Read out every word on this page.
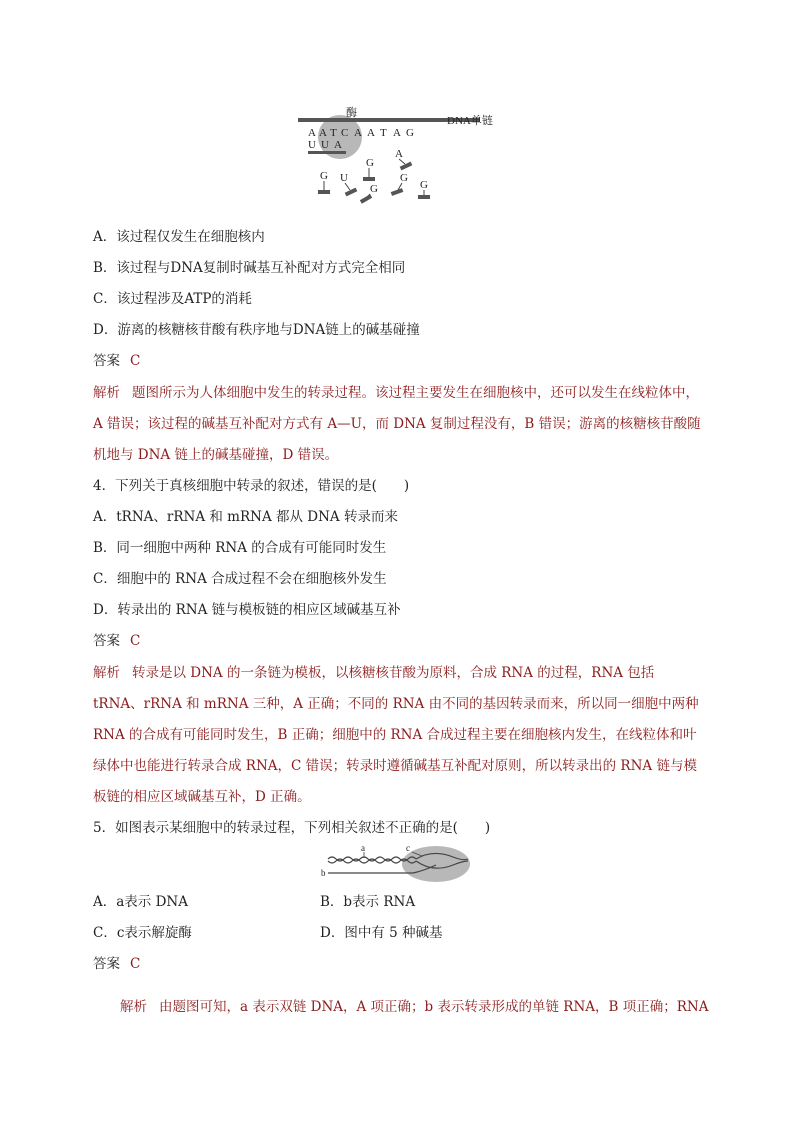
酶
DNA单链
A A T C A A T A G
U U A
G
U
G
A
G
G
G
A．该过程仅发生在细胞核内
B．该过程与DNA复制时碱基互补配对方式完全相同
C．该过程涉及ATP的消耗
D．游离的核糖核苷酸有秩序地与DNA链上的碱基碰撞
答案 C
解析 题图所示为人体细胞中发生的转录过程。该过程主要发生在细胞核中，还可以发生在线粒体中，A 错误；该过程的碱基互补配对方式有 A—U，而 DNA 复制过程没有，B 错误；游离的核糖核苷酸随机地与 DNA 链上的碱基碰撞，D 错误。
4．下列关于真核细胞中转录的叙述，错误的是(　　)
A．tRNA、rRNA 和 mRNA 都从 DNA 转录而来
B．同一细胞中两种 RNA 的合成有可能同时发生
C．细胞中的 RNA 合成过程不会在细胞核外发生
D．转录出的 RNA 链与模板链的相应区域碱基互补
答案 C
解析 转录是以 DNA 的一条链为模板，以核糖核苷酸为原料，合成 RNA 的过程，RNA 包括 tRNA、rRNA 和 mRNA 三种，A 正确；不同的 RNA 由不同的基因转录而来，所以同一细胞中两种 RNA 的合成有可能同时发生，B 正确；细胞中的 RNA 合成过程主要在细胞核内发生，在线粒体和叶绿体中也能进行转录合成 RNA，C 错误；转录时遵循碱基互补配对原则，所以转录出的 RNA 链与模板链的相应区域碱基互补，D 正确。
5．如图表示某细胞中的转录过程，下列相关叙述不正确的是(　　)
a
b
c
A．a表示 DNA	B．b表示 RNA
C．c表示解旋酶	D．图中有 5 种碱基
答案 C
解析 由题图可知，a 表示双链 DNA，A 项正确；b 表示转录形成的单链 RNA，B 项正确；RNA
